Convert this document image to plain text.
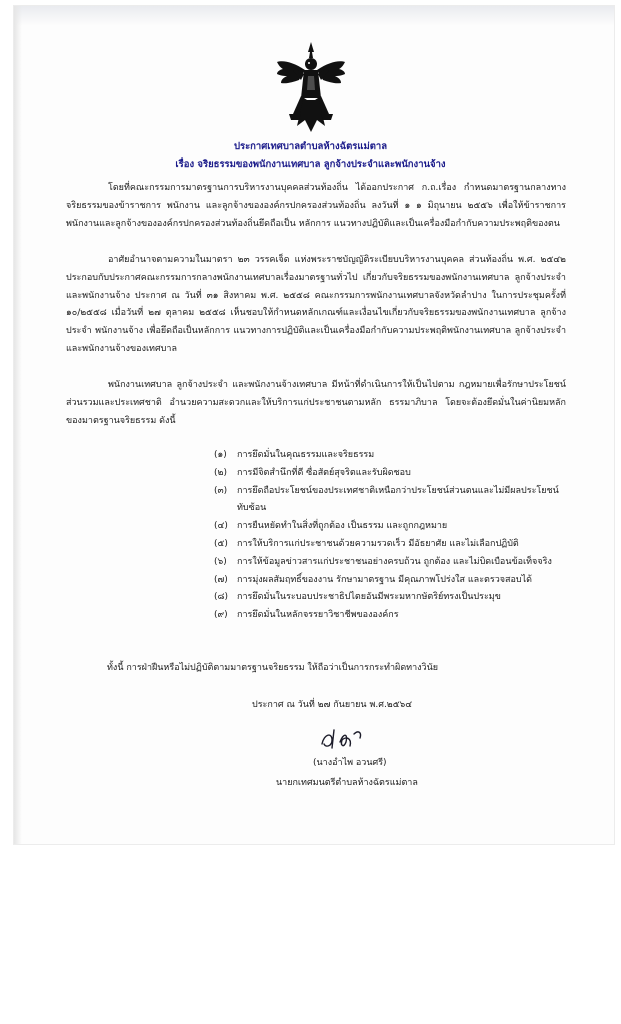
ประกาศเทศบาลตำบลห้างฉัตรแม่ตาล
เรื่อง จริยธรรมของพนักงานเทศบาล ลูกจ้างประจำและพนักงานจ้าง

โดยที่คณะกรรมการมาตรฐานการบริหารงานบุคคลส่วนท้องถิ่น ได้ออกประกาศ ก.ถ.เรื่อง กำหนดมาตรฐานกลางทางจริยธรรมของข้าราชการ พนักงาน และลูกจ้างขององค์กรปกครองส่วนท้องถิ่น ลงวันที่ ๑ ๑ มิถุนายน ๒๕๕๖ เพื่อให้ข้าราชการ พนักงานและลูกจ้างขององค์กรปกครองส่วนท้องถิ่นยึดถือเป็น หลักการ แนวทางปฏิบัติและเป็นเครื่องมือกำกับความประพฤติของตน

อาศัยอำนาจตามความในมาตรา ๒๓ วรรคเจ็ด แห่งพระราชบัญญัติระเบียบบริหารงานบุคคล ส่วนท้องถิ่น พ.ศ. ๒๕๔๒ ประกอบกับประกาศคณะกรรมการกลางพนักงานเทศบาลเรื่องมาตรฐานทั่วไป เกี่ยวกับจริยธรรมของพนักงานเทศบาล ลูกจ้างประจำ และพนักงานจ้าง ประกาศ ณ วันที่ ๓๑ สิงหาคม พ.ศ. ๒๕๕๘ คณะกรรมการพนักงานเทศบาลจังหวัดลำปาง ในการประชุมครั้งที่ ๑๐/๒๕๕๘ เมื่อวันที่ ๒๗ ตุลาคม ๒๕๕๘ เห็นชอบให้กำหนดหลักเกณฑ์และเงื่อนไขเกี่ยวกับจริยธรรมของพนักงานเทศบาล ลูกจ้างประจำ พนักงานจ้าง เพื่อยึดถือเป็นหลักการ แนวทางการปฏิบัติและเป็นเครื่องมือกำกับความประพฤติพนักงานเทศบาล ลูกจ้างประจำ และพนักงานจ้างของเทศบาล

พนักงานเทศบาล ลูกจ้างประจำ และพนักงานจ้างเทศบาล มีหน้าที่ดำเนินการให้เป็นไปตาม กฎหมายเพื่อรักษาประโยชน์ส่วนรวมและประเทศชาติ อำนวยความสะดวกและให้บริการแก่ประชาชนตามหลัก ธรรมาภิบาล โดยจะต้องยึดมั่นในค่านิยมหลักของมาตรฐานจริยธรรม ดังนี้

(๑) การยึดมั่นในคุณธรรมและจริยธรรม
(๒) การมีจิตสำนึกที่ดี ซื่อสัตย์สุจริตและรับผิดชอบ
(๓) การยึดถือประโยชน์ของประเทศชาติเหนือกว่าประโยชน์ส่วนตนและไม่มีผลประโยชน์ทับซ้อน
(๔) การยืนหยัดทำในสิ่งที่ถูกต้อง เป็นธรรม และถูกกฎหมาย
(๕) การให้บริการแก่ประชาชนด้วยความรวดเร็ว มีอัธยาศัย และไม่เลือกปฏิบัติ
(๖) การให้ข้อมูลข่าวสารแก่ประชาชนอย่างครบถ้วน ถูกต้อง และไม่บิดเบือนข้อเท็จจริง
(๗) การมุ่งผลสัมฤทธิ์ของงาน รักษามาตรฐาน มีคุณภาพโปร่งใส และตรวจสอบได้
(๘) การยึดมั่นในระบอบประชาธิปไตยอันมีพระมหากษัตริย์ทรงเป็นประมุข
(๙) การยึดมั่นในหลักจรรยาวิชาชีพขององค์กร
ทั้งนี้ การฝ่าฝืนหรือไม่ปฏิบัติตามมาตรฐานจริยธรรม ให้ถือว่าเป็นการกระทำผิดทางวินัย
ประกาศ ณ วันที่ ๒๗ กันยายน พ.ศ.๒๕๖๔
(นางอำไพ อวนศรี)
นายกเทศมนตรีตำบลห้างฉัตรแม่ตาล
